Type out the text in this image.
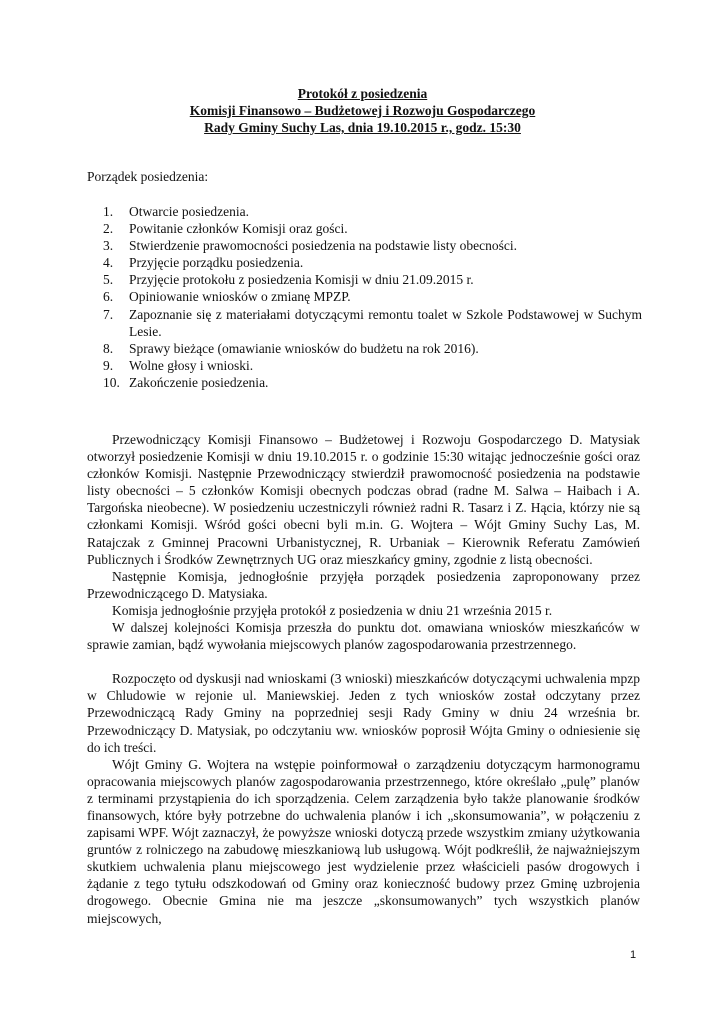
Protokół z posiedzenia
Komisji Finansowo – Budżetowej i Rozwoju Gospodarczego
Rady Gminy Suchy Las, dnia 19.10.2015 r., godz. 15:30
Porządek posiedzenia:
1.	Otwarcie posiedzenia.
2.	Powitanie członków Komisji oraz gości.
3.	Stwierdzenie prawomocności posiedzenia na podstawie listy obecności.
4.	Przyjęcie porządku posiedzenia.
5.	Przyjęcie protokołu z posiedzenia Komisji w dniu 21.09.2015 r.
6.	Opiniowanie wniosków o zmianę MPZP.
7.	Zapoznanie się z materiałami dotyczącymi remontu toalet w Szkole Podstawowej w Suchym Lesie.
8.	Sprawy bieżące (omawianie wniosków do budżetu na rok 2016).
9.	Wolne głosy i wnioski.
10. Zakończenie posiedzenia.

Przewodniczący Komisji Finansowo – Budżetowej i Rozwoju Gospodarczego D. Matysiak otworzył posiedzenie Komisji w dniu 19.10.2015 r. o godzinie 15:30 witając jednocześnie gości oraz członków Komisji. Następnie Przewodniczący stwierdził prawomocność posiedzenia na podstawie listy obecności – 5 członków Komisji obecnych podczas obrad (radne M. Salwa – Haibach i A. Targońska nieobecne). W posiedzeniu uczestniczyli również radni R. Tasarz i Z. Hącia, którzy nie są członkami Komisji. Wśród gości obecni byli m.in. G. Wojtera – Wójt Gminy Suchy Las, M. Ratajczak z Gminnej Pracowni Urbanistycznej, R. Urbaniak – Kierownik Referatu Zamówień Publicznych i Środków Zewnętrznych UG oraz mieszkańcy gminy, zgodnie z listą obecności.

Następnie Komisja, jednogłośnie przyjęła porządek posiedzenia zaproponowany przez Przewodniczącego D. Matysiaka.

Komisja jednogłośnie przyjęła protokół z posiedzenia w dniu 21 września 2015 r.

W dalszej kolejności Komisja przeszła do punktu dot. omawiana wniosków mieszkańców w sprawie zamian, bądź wywołania miejscowych planów zagospodarowania przestrzennego.

Rozpoczęto od dyskusji nad wnioskami (3 wnioski) mieszkańców dotyczącymi uchwalenia mpzp w Chludowie w rejonie ul. Maniewskiej. Jeden z tych wniosków został odczytany przez Przewodniczącą Rady Gminy na poprzedniej sesji Rady Gminy w dniu 24 września br. Przewodniczący D. Matysiak, po odczytaniu ww. wniosków poprosił Wójta Gminy o odniesienie się do ich treści.

Wójt Gminy G. Wojtera na wstępie poinformował o zarządzeniu dotyczącym harmonogramu opracowania miejscowych planów zagospodarowania przestrzennego, które określało „pulę” planów z terminami przystąpienia do ich sporządzenia. Celem zarządzenia było także planowanie środków finansowych, które były potrzebne do uchwalenia planów i ich „skonsumowania”, w połączeniu z zapisami WPF. Wójt zaznaczył, że powyższe wnioski dotyczą przede wszystkim zmiany użytkowania gruntów z rolniczego na zabudowę mieszkaniową lub usługową. Wójt podkreślił, że najważniejszym skutkiem uchwalenia planu miejscowego jest wydzielenie przez właścicieli pasów drogowych i żądanie z tego tytułu odszkodowań od Gminy oraz konieczność budowy przez Gminę uzbrojenia drogowego. Obecnie Gmina nie ma jeszcze „skonsumowanych” tych wszystkich planów miejscowych,

1
